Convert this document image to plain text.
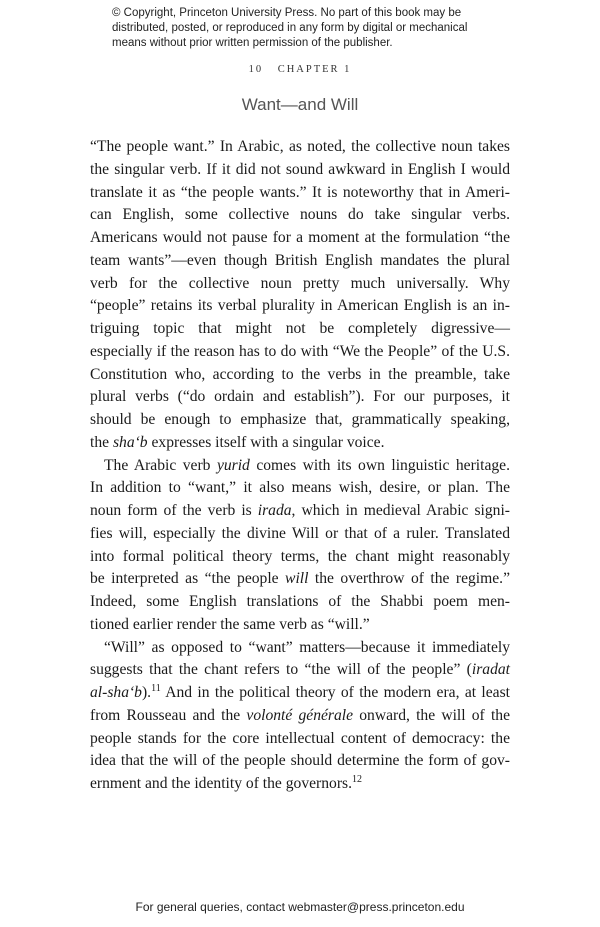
© Copyright, Princeton University Press. No part of this book may be
distributed, posted, or reproduced in any form by digital or mechanical
means without prior written permission of the publisher.
10 CHAPTER 1
Want—and Will
“The people want.” In Arabic, as noted, the collective noun takes
the singular verb. If it did not sound awkward in English I would
translate it as “the people wants.” It is noteworthy that in Ameri-
can English, some collective nouns do take singular verbs.
Americans would not pause for a moment at the formulation “the
team wants”—even though British English mandates the plural
verb for the collective noun pretty much universally. Why
“people” retains its verbal plurality in American English is an in-
triguing topic that might not be completely digressive—
especially if the reason has to do with “We the People” of the U.S.
Constitution who, according to the verbs in the preamble, take
plural verbs (“do ordain and establish”). For our purposes, it
should be enough to emphasize that, grammatically speaking,
the sha‘b expresses itself with a singular voice.
The Arabic verb yurid comes with its own linguistic heritage.
In addition to “want,” it also means wish, desire, or plan. The
noun form of the verb is irada, which in medieval Arabic signi-
fies will, especially the divine Will or that of a ruler. Translated
into formal political theory terms, the chant might reasonably
be interpreted as “the people will the overthrow of the regime.”
Indeed, some English translations of the Shabbi poem men-
tioned earlier render the same verb as “will.”
“Will” as opposed to “want” matters—because it immediately
suggests that the chant refers to “the will of the people” (iradat
al-sha‘b).$^{11}$ And in the political theory of the modern era, at least
from Rousseau and the volonté générale onward, the will of the
people stands for the core intellectual content of democracy: the
idea that the will of the people should determine the form of gov-
ernment and the identity of the governors.$^{12}$
For general queries, contact webmaster@press.princeton.edu
